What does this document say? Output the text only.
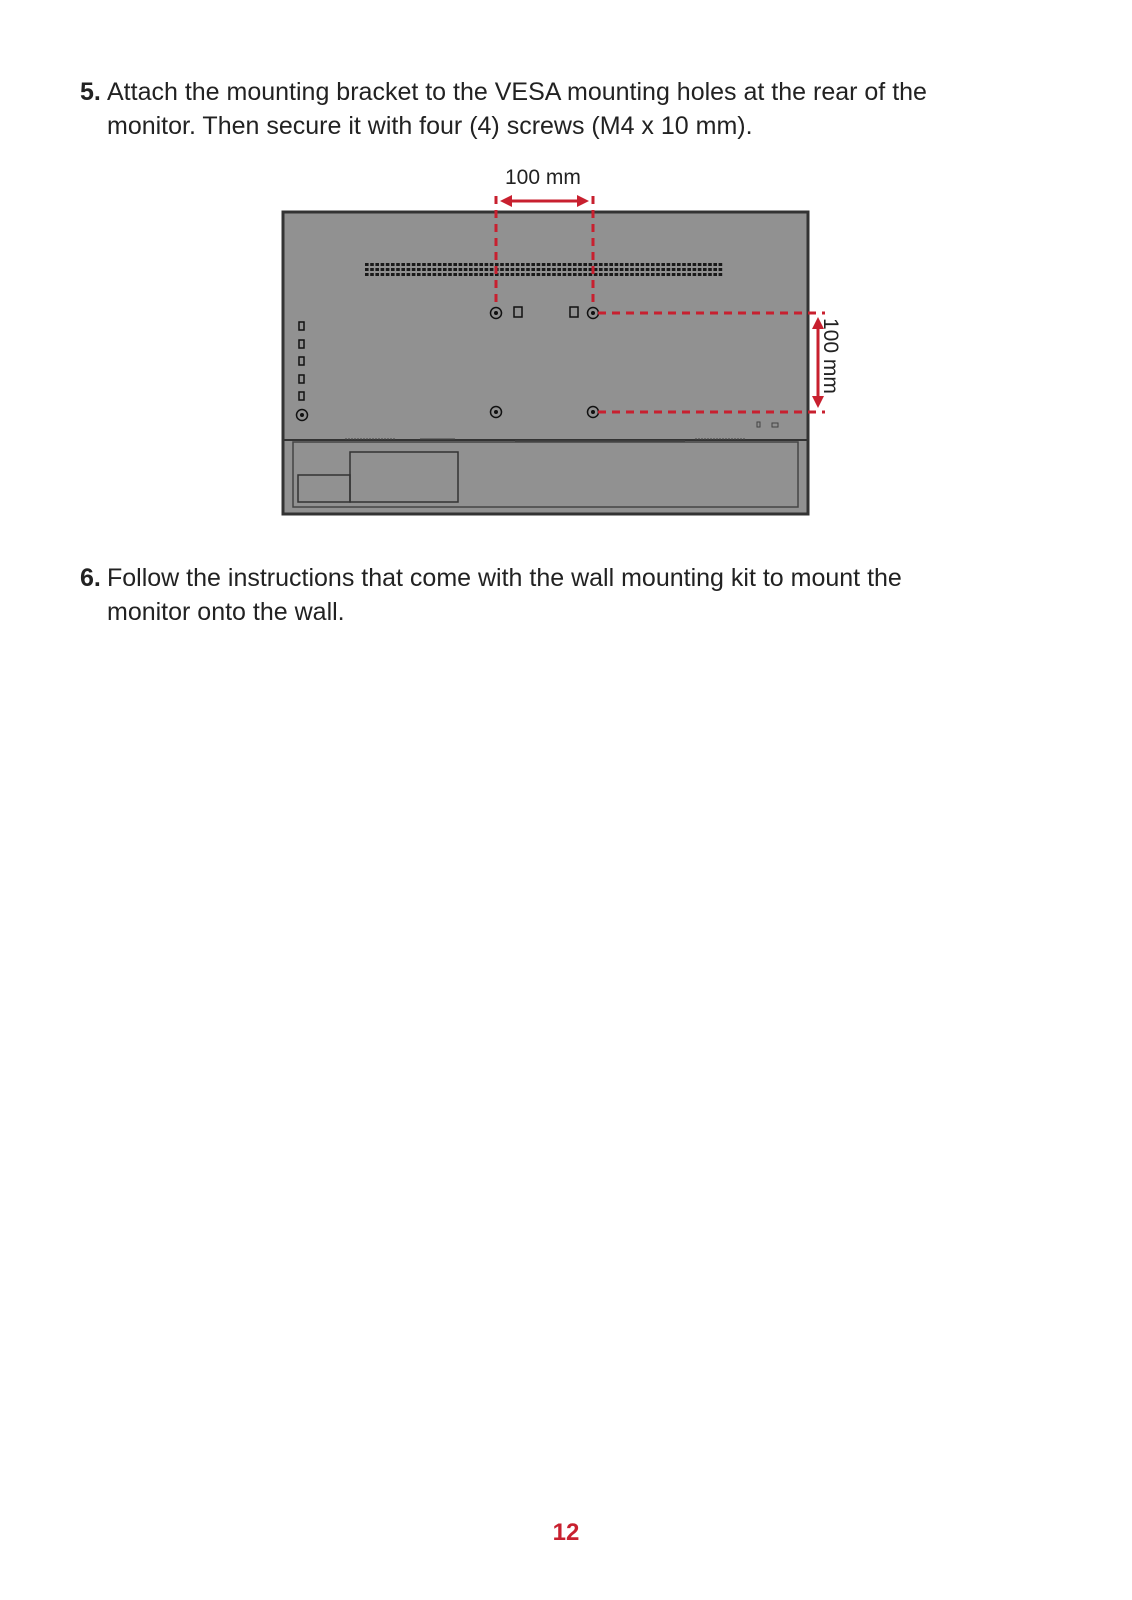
5. Attach the mounting bracket to the VESA mounting holes at the rear of the
monitor. Then secure it with four (4) screws (M4 x 10 mm).
100 mm
100 mm
6. Follow the instructions that come with the wall mounting kit to mount the
monitor onto the wall.
12
